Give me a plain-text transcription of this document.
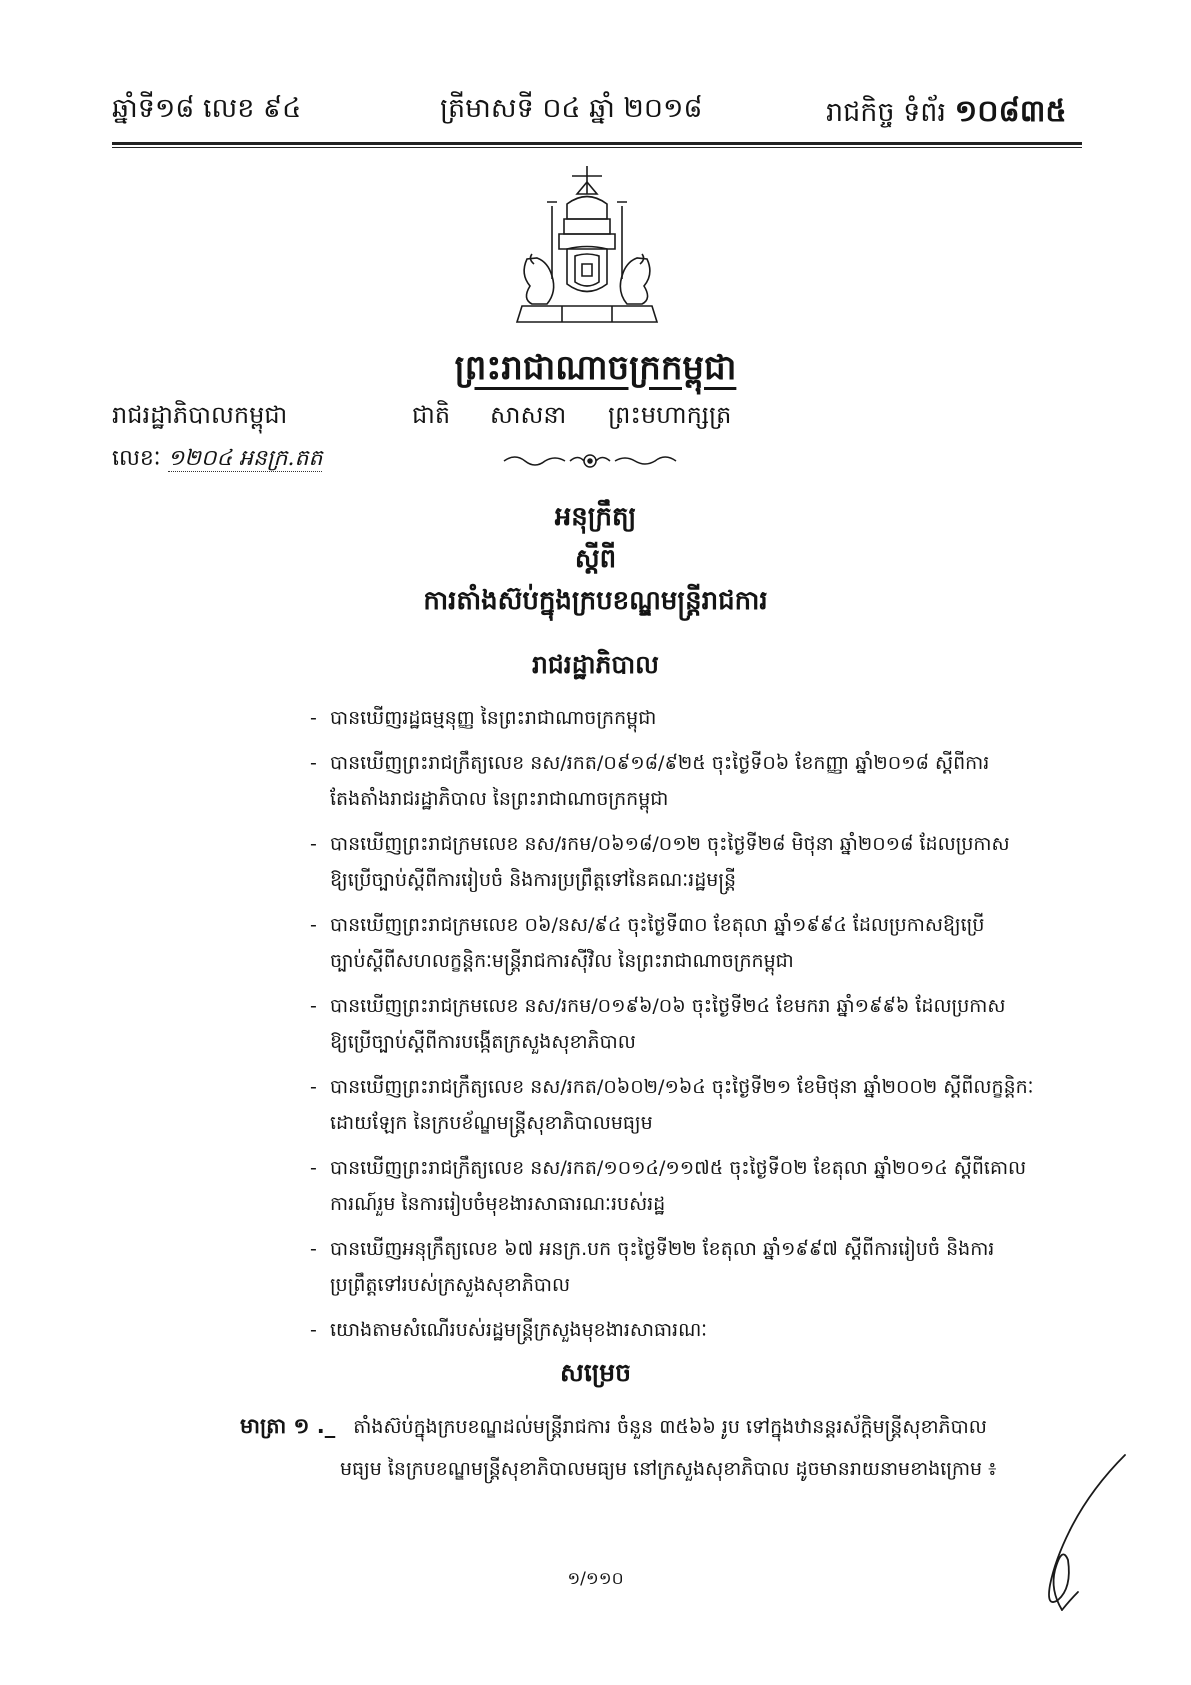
ឆ្នាំទី១៨ លេខ ៩៤	ត្រីមាសទី ០៤ ឆ្នាំ ២០១៨	រាជកិច្ច ទំព័រ ១០៨៣៥
ព្រះរាជាណាចក្រកម្ពុជា
រាជរដ្ឋាភិបាលកម្ពុជា	ជាតិ សាសនា ព្រះមហាក្សត្រ
លេខៈ ១២០៤ អនក្រ.តត
អនុក្រឹត្យ
ស្ដីពី
ការតាំងស៊ប់ក្នុងក្របខណ្ឌមន្ត្រីរាជការ
រាជរដ្ឋាភិបាល
- បានឃើញរដ្ឋធម្មនុញ្ញ នៃព្រះរាជាណាចក្រកម្ពុជា
- បានឃើញព្រះរាជក្រឹត្យលេខ នស/រកត/០៩១៨/៩២៥ ចុះថ្ងៃទី០៦ ខែកញ្ញា ឆ្នាំ២០១៨ ស្តីពីការ
តែងតាំងរាជរដ្ឋាភិបាល នៃព្រះរាជាណាចក្រកម្ពុជា
- បានឃើញព្រះរាជក្រមលេខ នស/រកម/០៦១៨/០១២ ចុះថ្ងៃទី២៨ មិថុនា ឆ្នាំ២០១៨ ដែលប្រកាស
ឱ្យប្រើច្បាប់ស្ដីពីការរៀបចំ និងការប្រព្រឹត្តទៅនៃគណៈរដ្ឋមន្ត្រី
- បានឃើញព្រះរាជក្រមលេខ ០៦/នស/៩៤ ចុះថ្ងៃទី៣០ ខែតុលា ឆ្នាំ១៩៩៤ ដែលប្រកាសឱ្យប្រើ
ច្បាប់ស្ដីពីសហលក្ខន្តិកៈមន្ត្រីរាជការស៊ីវិល នៃព្រះរាជាណាចក្រកម្ពុជា
- បានឃើញព្រះរាជក្រមលេខ នស/រកម/០១៩៦/០៦ ចុះថ្ងៃទី២៤ ខែមករា ឆ្នាំ១៩៩៦ ដែលប្រកាស
ឱ្យប្រើច្បាប់ស្ដីពីការបង្កើតក្រសួងសុខាភិបាល
- បានឃើញព្រះរាជក្រឹត្យលេខ នស/រកត/០៦០២/១៦៤ ចុះថ្ងៃទី២១ ខែមិថុនា ឆ្នាំ២០០២ ស្ដីពីលក្ខន្តិកៈ
ដោយឡែក នៃក្របខ័ណ្ឌមន្ត្រីសុខាភិបាលមធ្យម
- បានឃើញព្រះរាជក្រឹត្យលេខ នស/រកត/១០១៤/១១៧៥ ចុះថ្ងៃទី០២ ខែតុលា ឆ្នាំ២០១៤ ស្ដីពីគោល
ការណ៍រួម នៃការរៀបចំមុខងារសាធារណៈរបស់រដ្ឋ
- បានឃើញអនុក្រឹត្យលេខ ៦៧ អនក្រ.បក ចុះថ្ងៃទី២២ ខែតុលា ឆ្នាំ១៩៩៧ ស្ដីពីការរៀបចំ និងការ
ប្រព្រឹត្តទៅរបស់ក្រសួងសុខាភិបាល
- យោងតាមសំណើរបស់រដ្ឋមន្ត្រីក្រសួងមុខងារសាធារណៈ
សម្រេច
មាត្រា ១ ._ តាំងស៊ប់ក្នុងក្របខណ្ឌដល់មន្ត្រីរាជការ ចំនួន ៣៥៦៦ រូប ទៅក្នុងឋានន្តរស័ក្តិមន្ត្រីសុខាភិបាល
មធ្យម នៃក្របខណ្ឌមន្ត្រីសុខាភិបាលមធ្យម នៅក្រសួងសុខាភិបាល ដូចមានរាយនាមខាងក្រោម ៖
១/១១០
